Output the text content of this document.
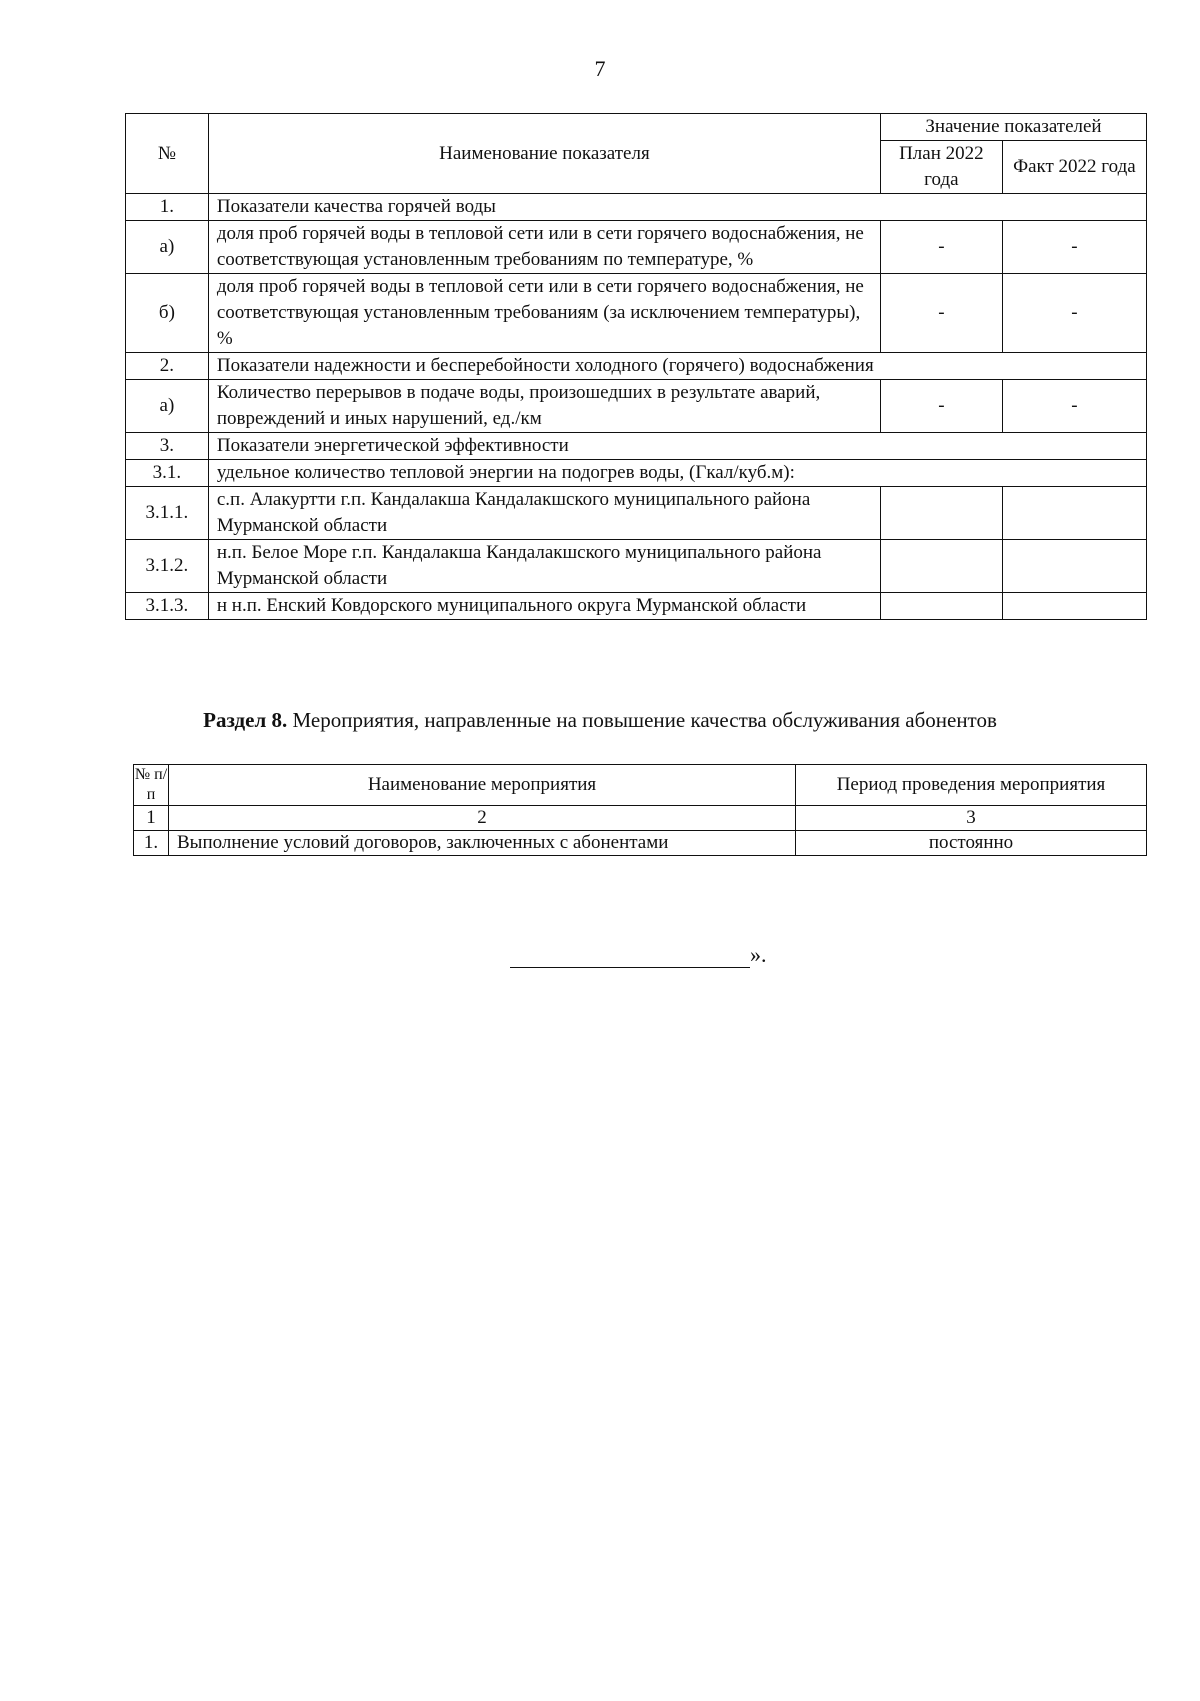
7
№	Наименование показателя	Значение показателей	
		План 2022 года	Факт 2022 года
1.	Показатели качества горячей воды		
а)	доля проб горячей воды в тепловой сети или в сети горячего водоснабжения, не соответствующая установленным требованиям по температуре, %	-	-
б)	доля проб горячей воды в тепловой сети или в сети горячего водоснабжения, не соответствующая установленным требованиям (за исключением температуры), %	-	-
2.	Показатели надежности и бесперебойности холодного (горячего) водоснабжения		
а)	Количество перерывов в подаче воды, произошедших в результате аварий, повреждений и иных нарушений, ед./км	-	-
3.	Показатели энергетической эффективности		
3.1.	удельное количество тепловой энергии на подогрев воды, (Гкал/куб.м):		
3.1.1.	с.п. Алакуртти г.п. Кандалакша Кандалакшского муниципального района Мурманской области		
3.1.2.	н.п. Белое Море г.п. Кандалакша Кандалакшского муниципального района Мурманской области		
3.1.3.	н н.п. Енский Ковдорского муниципального округа Мурманской области		
Раздел 8. Мероприятия, направленные на повышение качества обслуживания абонентов
№ п/п	Наименование мероприятия	Период проведения мероприятия
1	2	3
1.	Выполнение условий договоров, заключенных с абонентами	постоянно
».
